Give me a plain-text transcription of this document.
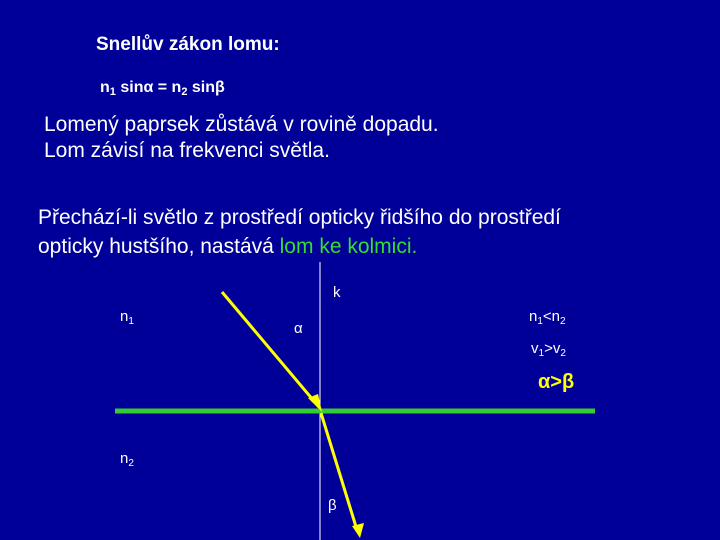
Snellův zákon lomu:
$n_1$ $\sin\alpha = n_2$ sinβ
Lomený paprsek zůstává v rovině dopadu.
Lom závisí na frekvenci světla.
Přechází-li světlo z prostředí opticky řidšího do prostředí opticky hustšího, nastává lom ke kolmici.
k
$n_1$	α
$n_1<n_2$
$v_1>v_2$
α>β
$n_2$
β
